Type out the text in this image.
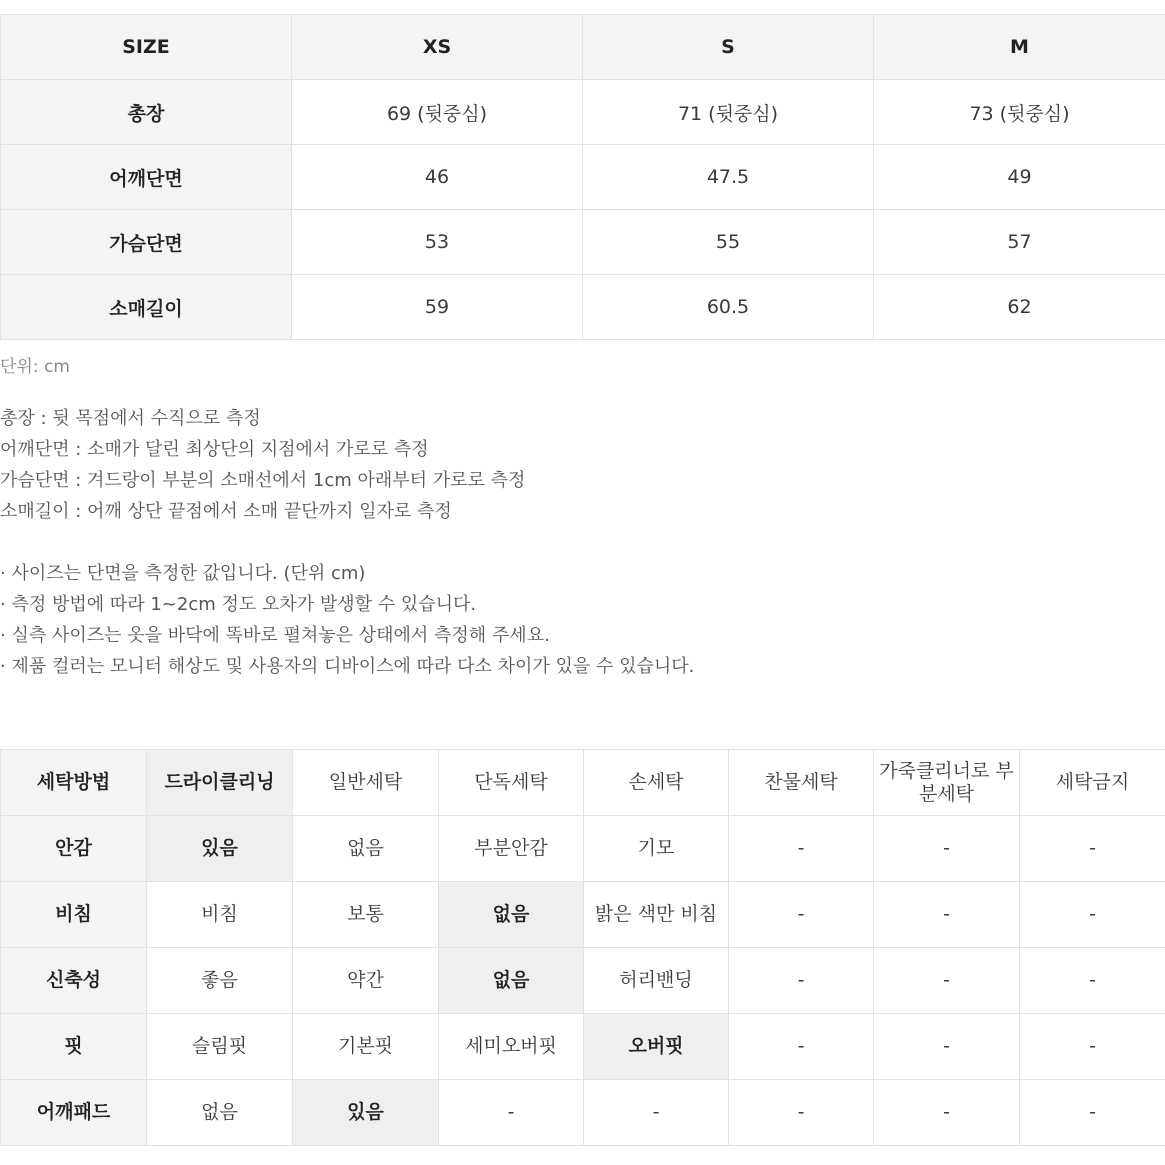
SIZE	XS	S	M
총장	69 (뒷중심)	71 (뒷중심)	73 (뒷중심)
어깨단면	46	47.5	49
가슴단면	53	55	57
소매길이	59	60.5	62
단위: cm
총장 : 뒷 목점에서 수직으로 측정
어깨단면 : 소매가 달린 최상단의 지점에서 가로로 측정
가슴단면 : 겨드랑이 부분의 소매선에서 1cm 아래부터 가로로 측정
소매길이 : 어깨 상단 끝점에서 소매 끝단까지 일자로 측정
· 사이즈는 단면을 측정한 값입니다. (단위 cm)
· 측정 방법에 따라 1~2cm 정도 오차가 발생할 수 있습니다.
· 실측 사이즈는 옷을 바닥에 똑바로 펼쳐놓은 상태에서 측정해 주세요.
· 제품 컬러는 모니터 해상도 및 사용자의 디바이스에 따라 다소 차이가 있을 수 있습니다.
세탁방법	드라이클리닝	일반세탁	단독세탁	손세탁	찬물세탁	가죽클리너로 부분세탁	세탁금지
안감	있음	없음	부분안감	기모	-	-	-
비침	비침	보통	없음	밝은 색만 비침	-	-	-
신축성	좋음	약간	없음	허리밴딩	-	-	-
핏	슬림핏	기본핏	세미오버핏	오버핏	-	-	-
어깨패드	없음	있음	-	-	-	-	-
